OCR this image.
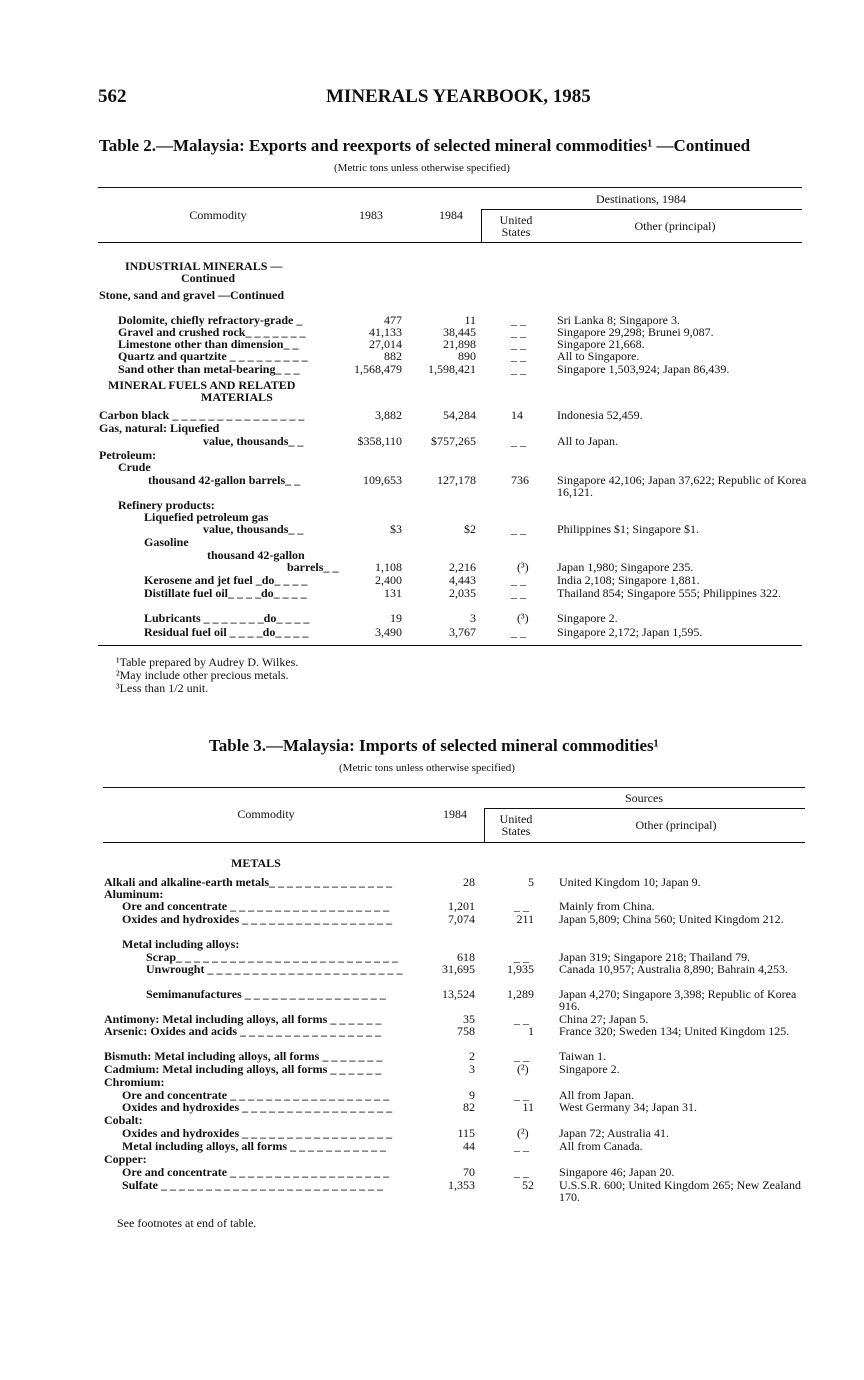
562	MINERALS YEARBOOK, 1985
Table 2.—Malaysia: Exports and reexports of selected mineral commodities¹ —Continued
(Metric tons unless otherwise specified)
Destinations, 1984
Commodity	1983	1984	United States	Other (principal)
INDUSTRIAL MINERALS —
Continued
Stone, sand and gravel —Continued
Dolomite, chiefly refractory-grade _	477	11	_ _	Sri Lanka 8; Singapore 3.
Gravel and crushed rock_ _ _ _ _ _ _	41,133	38,445	_ _	Singapore 29,298; Brunei 9,087.
Limestone other than dimension_ _	27,014	21,898	_ _	Singapore 21,668.
Quartz and quartzite _ _ _ _ _ _ _ _ _	882	890	_ _	All to Singapore.
Sand other than metal-bearing_ _ _	1,568,479	1,598,421	_ _	Singapore 1,503,924; Japan 86,439.
MINERAL FUELS AND RELATED
MATERIALS
Carbon black _ _ _ _ _ _ _ _ _ _ _ _ _ _ _	3,882	54,284	14	Indonesia 52,459.
Gas, natural: Liquefied
value, thousands_ _	$358,110	$757,265	_ _	All to Japan.
Petroleum:
Crude
thousand 42-gallon barrels_ _	109,653	127,178	736 Singapore 42,106; Japan 37,622; Republic of Korea 16,121.
Refinery products:
Liquefied petroleum gas
value, thousands_ _	$3	$2	_ _	Philippines $1; Singapore $1.
Gasoline
thousand 42-gallon
barrels_ _	1,108	2,216	(³) Japan 1,980; Singapore 235.
Kerosene and jet fuel _do_ _ _ _	2,400	4,443	_ _	India 2,108; Singapore 1,881.
Distillate fuel oil_ _ _ _do_ _ _ _	131	2,035	_ _	Thailand 854; Singapore 555; Philippines 322.
Lubricants _ _ _ _ _ _ _do_ _ _ _	19	3	(³) Singapore 2.
Residual fuel oil _ _ _ _do_ _ _ _	3,490	3,767	_ _	Singapore 2,172; Japan 1,595.
¹Table prepared by Audrey D. Wilkes.
²May include other precious metals.
³Less than 1/2 unit.
Table 3.—Malaysia: Imports of selected mineral commodities¹
(Metric tons unless otherwise specified)
Sources
Commodity	1984	United States	Other (principal)
METALS
Alkali and alkaline-earth metals_ _ _ _ _ _ _ _ _ _ _ _ _ _	28	5 United Kingdom 10; Japan 9.
Aluminum:
Ore and concentrate _ _ _ _ _ _ _ _ _ _ _ _ _ _ _ _ _ _	1,201	_ _	Mainly from China.
Oxides and hydroxides _ _ _ _ _ _ _ _ _ _ _ _ _ _ _ _ _	7,074	211 Japan 5,809; China 560; United Kingdom 212.
Metal including alloys:
Scrap_ _ _ _ _ _ _ _ _ _ _ _ _ _ _ _ _ _ _ _ _ _ _ _ _	618	_ _	Japan 319; Singapore 218; Thailand 79.
Unwrought _ _ _ _ _ _ _ _ _ _ _ _ _ _ _ _ _ _ _ _ _ _	31,695	1,935 Canada 10,957; Australia 8,890; Bahrain 4,253.
Semimanufactures _ _ _ _ _ _ _ _ _ _ _ _ _ _ _ _	13,524	1,289 Japan 4,270; Singapore 3,398; Republic of Korea 916.
Antimony: Metal including alloys, all forms _ _ _ _ _ _	35	_ _	China 27; Japan 5.
Arsenic: Oxides and acids _ _ _ _ _ _ _ _ _ _ _ _ _ _ _ _	758	1 France 320; Sweden 134; United Kingdom 125.
Bismuth: Metal including alloys, all forms _ _ _ _ _ _ _	2	_ _	Taiwan 1.
Cadmium: Metal including alloys, all forms _ _ _ _ _ _	3	(²)	Singapore 2.
Chromium:
Ore and concentrate _ _ _ _ _ _ _ _ _ _ _ _ _ _ _ _ _ _	9	_ _	All from Japan.
Oxides and hydroxides _ _ _ _ _ _ _ _ _ _ _ _ _ _ _ _ _	82	11 West Germany 34; Japan 31.
Cobalt:
Oxides and hydroxides _ _ _ _ _ _ _ _ _ _ _ _ _ _ _ _ _	115	(²)	Japan 72; Australia 41.
Metal including alloys, all forms _ _ _ _ _ _ _ _ _ _ _	44	_ _	All from Canada.
Copper:
Ore and concentrate _ _ _ _ _ _ _ _ _ _ _ _ _ _ _ _ _ _	70	_ _	Singapore 46; Japan 20.
Sulfate _ _ _ _ _ _ _ _ _ _ _ _ _ _ _ _ _ _ _ _ _ _ _ _ _	1,353	52 U.S.S.R. 600; United Kingdom 265; New Zealand 170.
See footnotes at end of table.
